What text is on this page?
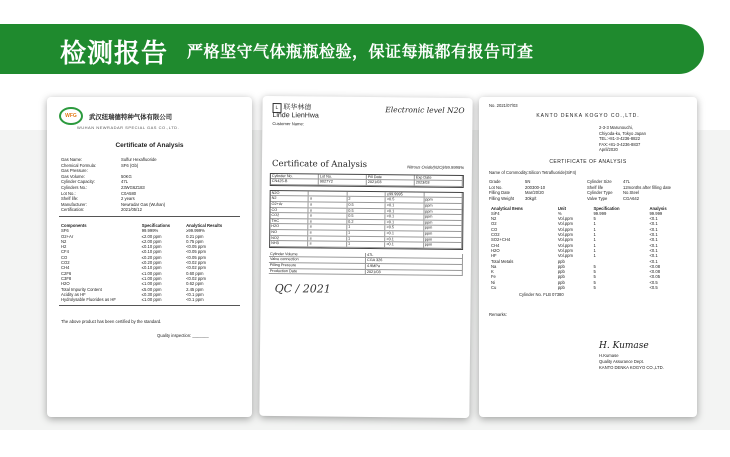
检测报告 严格坚守气体瓶瓶检验，保证每瓶都有报告可查
WFG	武汉纽瑞德特种气体有限公司
WUHAN NEWRADAR SPECIAL GAS CO.,LTD.
Certificate of Analysis
Gas Name:	Sulfur Hexafluoride
Chemical Formula:	SF6 (Gb)
Gas Pressure:
Gas Volume:	50KG
Cylinder Capacity:	47L
Cylinders No.:	23WG6Z183
Lot No.:	C0A580
Shelf life:	2 years
Manufacturer:	Newradar Gas (Wuhan)
Certification:	2021/05/12
Components	Specifications	Analytical Results
SF6	99.999%	≥99.999%
O2+Ar	≤2.00 ppm	0.21 ppm
N2	≤2.00 ppm	0.75 ppm
H2	≤0.10 ppm	<0.05 ppm
CF4	≤0.10 ppm	<0.05 ppm
CO	≤0.20 ppm	<0.05 ppm
CO2	≤0.20 ppm	<0.02 ppm
CH4	≤0.10 ppm	<0.02 ppm
C2F6	≤1.00 ppm	0.60 ppm
C3F8	≤1.00 ppm	<0.02 ppm
H2O	≤1.00 ppm	0.62 ppm
Total Impurity Content	≤5.00 ppm	2.45 ppm
Acidity as HF	≤0.30 ppm	<0.1 ppm
Hydrolysable Fluorides as HF	≤1.00 ppm	<0.1 ppm
The above product has been certified by the standard.
Quality inspection: _______
L 联华林德
Linde LienHwa
Electronic level N2O
Customer Name:
Certificate of Analysis	Nitrous Oxide(N2O)/99.9995%
Cylinder No.	Lot No.	Fill Date	Exp Date
CN425-B	9027Y2	2021/03	2023/03
N2O	≥99.9995
N2	≤	2	<0.5	ppm
O2+Ar	≤	0.5	<0.1	ppm
CO	≤	0.5	<0.1	ppm
CO2	≤	0.5	<0.1	ppm
THC	≤	0.2	<0.1	ppm
H2O	≤	1	<0.5	ppm
NO	≤	1	<0.1	ppm
NO2	≤	1	<0.1	ppm
NH3	≤	1	<0.1	ppm
Cylinder Volume	47L
Valve connection	CGA 326
Filling Pressure	4.9MPa
Production Date	2021/03
QC / 2021
No. 2021/07/03
KANTO DENKA KOGYO CO.,LTD.
2-3-3 Marunouchi,
Chiyoda-ku, Tokyo Japan
TEL:+81-3-4236-8822
FAX:+81-3-4236-8837
April/2020
CERTIFICATE OF ANALYSIS
Name of Commodity:Silicon Tetrafluoride(SiF4)
Grade	5N	Cylinder Size	47L
Lot No.	200300-10	Shelf life	12months after filling date
Filling Date	Mar/20/20	Cylinder Type	No.Steel
Filling Weight	30kg/t	Valve Type	CGA642
Analytical Items	Unit	Specification	Analysis
SiF4	%	99.999	99.999
N2	Vol.ppm	5	<0.1
O2	Vol.ppm	1	<0.1
CO	Vol.ppm	1	<0.1
CO2	Vol.ppm	1	<0.1
SO2+CH4	Vol.ppm	1	<0.1
CH4	Vol.ppm	1	<0.1
H2O	Vol.ppm	1	<0.1
HF	Vol.ppm	1	<0.1
Total Metals	ppb		<0.1
Na	ppb	5	<0.08
K	ppb	5	<0.08
Fe	ppb	5	<0.05
Ni	ppb	5	<0.5
Cu	ppb	5	<0.5
Cylinder No. FLB 07380
Remarks:
H. Kumase
H.Kumase
Quality Assurance Dept.
KANTO DENKA KOGYO CO.,LTD.
